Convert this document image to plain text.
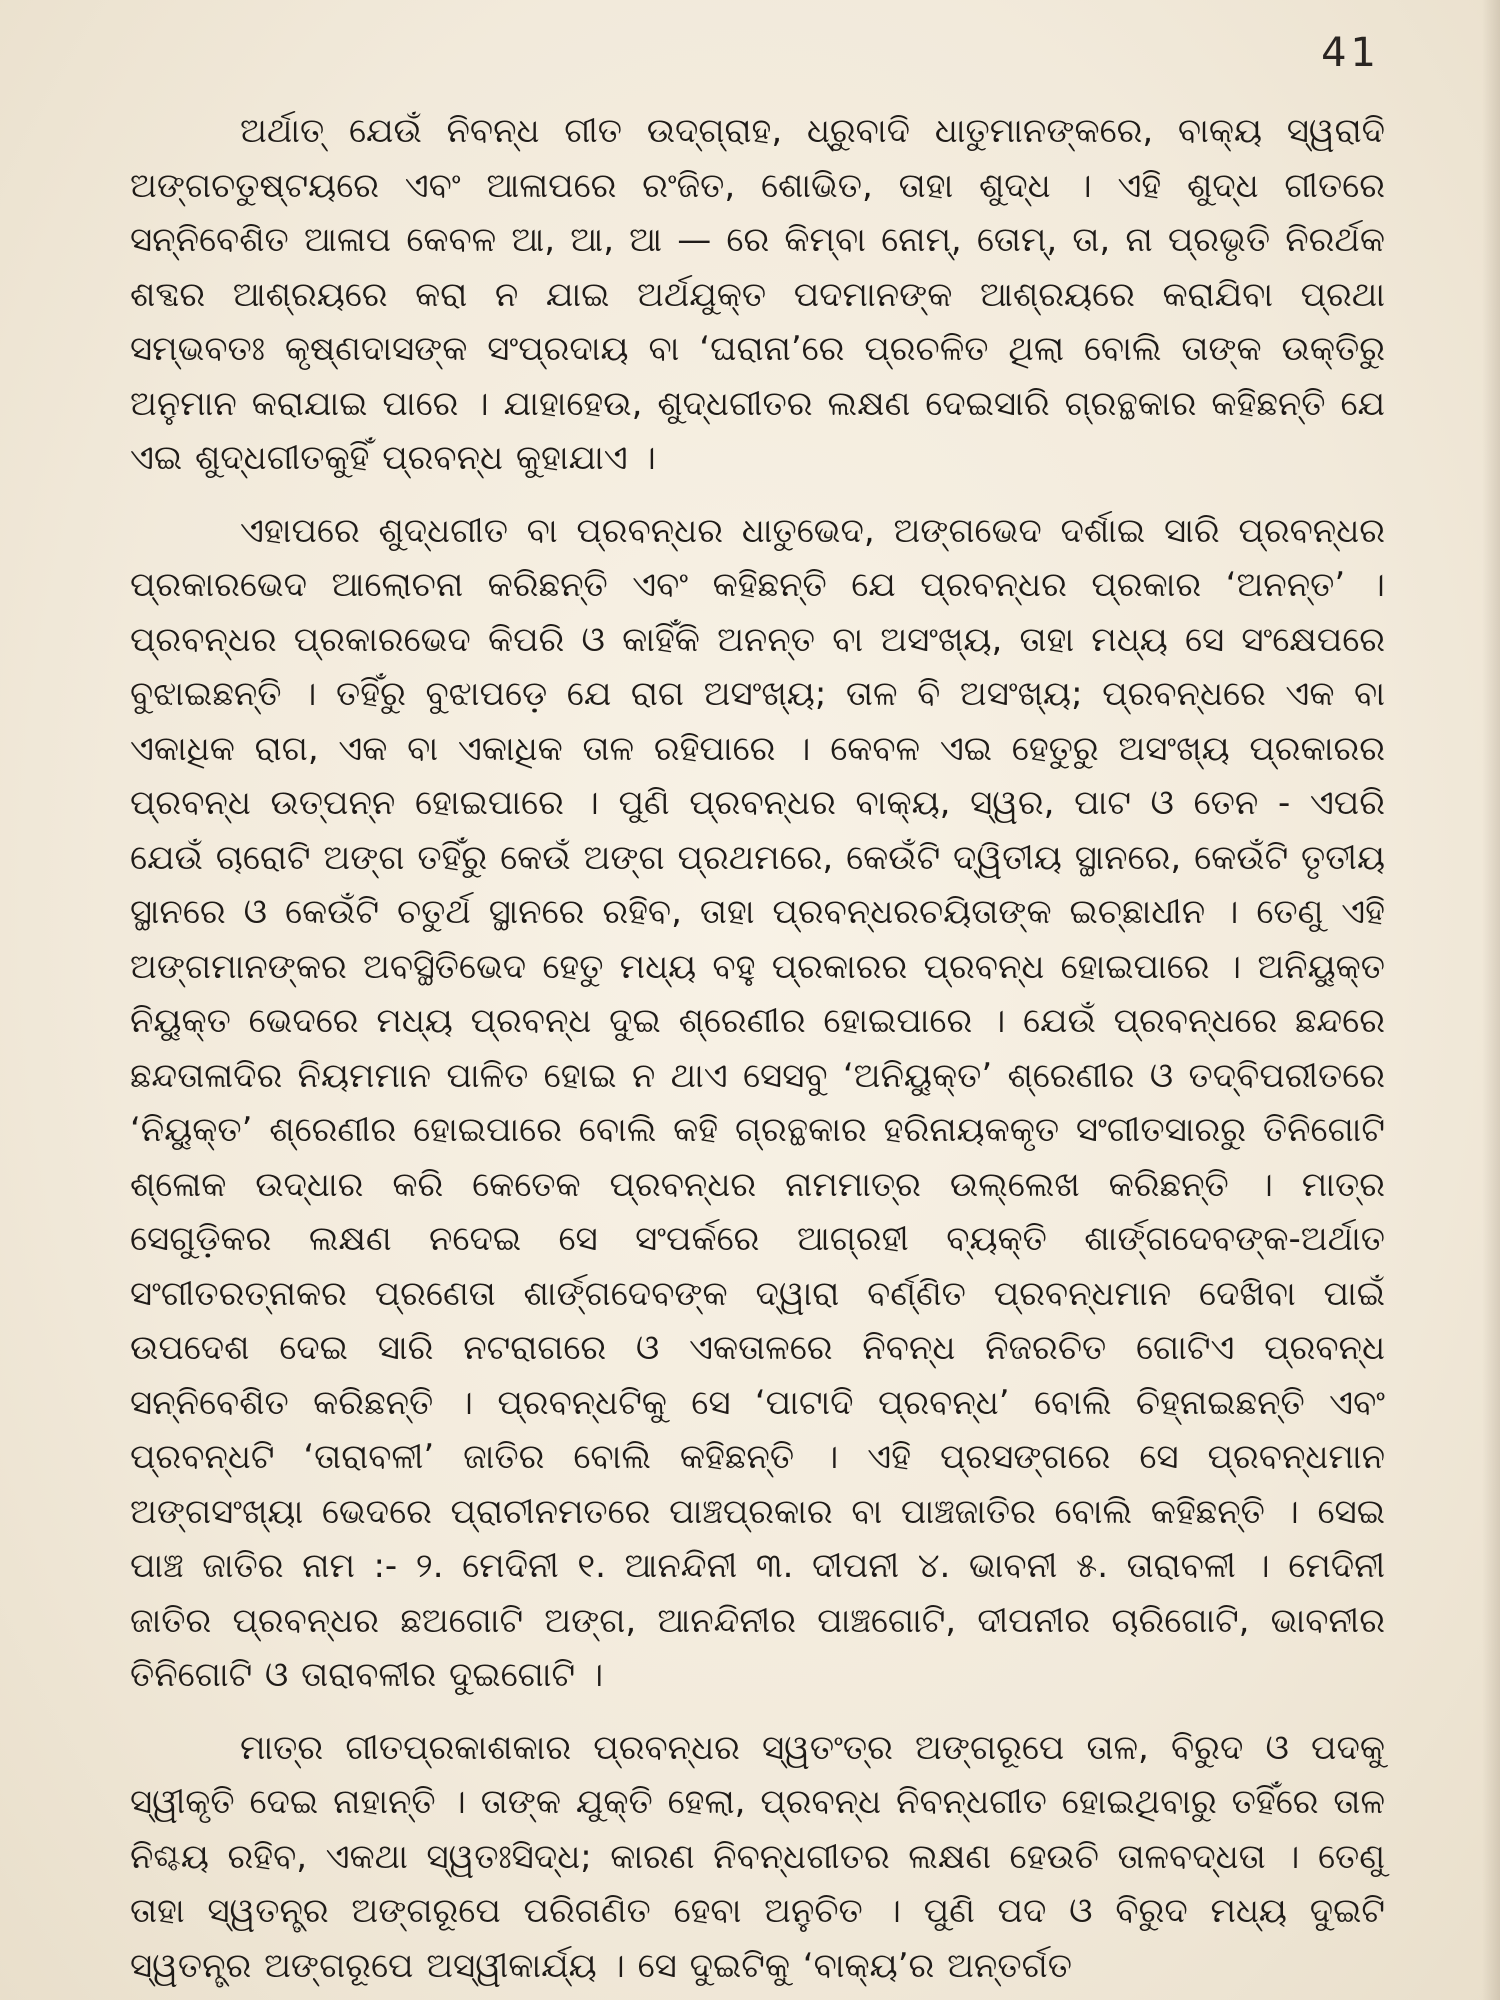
41

ଅର୍ଥାତ୍ ଯେଉଁ ନିବନ୍ଧ ଗୀତ ଉଦ୍‌ଗ୍ରାହ, ଧ୍ରୁବାଦି ଧାତୁମାନଙ୍କରେ, ବାକ୍ୟ ସ୍ୱରାଦି ଅଙ୍ଗଚତୁଷ୍ଟୟରେ ଏବଂ ଆଳାପରେ ରଂଜିତ, ଶୋଭିତ, ତାହା ଶୁଦ୍ଧ । ଏହି ଶୁଦ୍ଧ ଗୀତରେ ସନ୍ନିବେଶିତ ଆଳାପ କେବଳ ଆ, ଆ, ଆ — ରେ କିମ୍ବା ନୋମ୍, ତୋମ୍, ତା, ନା ପ୍ରଭୃତି ନିରର୍ଥକ ଶବ୍ଦର ଆଶ୍ରୟରେ କରା ନ ଯାଇ ଅର୍ଥଯୁକ୍ତ ପଦମାନଙ୍କ ଆଶ୍ରୟରେ କରାଯିବା ପ୍ରଥା ସମ୍ଭବତଃ କୃଷ୍ଣଦାସଙ୍କ ସଂପ୍ରଦାୟ ବା ‘ଘରାନା’ରେ ପ୍ରଚଳିତ ଥିଲା ବୋଲି ତାଙ୍କ ଉକ୍ତିରୁ ଅନୁମାନ କରାଯାଇ ପାରେ । ଯାହାହେଉ, ଶୁଦ୍ଧଗୀତର ଲକ୍ଷଣ ଦେଇସାରି ଗ୍ରନ୍ଥକାର କହିଛନ୍ତି ଯେ ଏଇ ଶୁଦ୍ଧଗୀତକୁହିଁ ପ୍ରବନ୍ଧ କୁହାଯାଏ ।

ଏହାପରେ ଶୁଦ୍ଧଗୀତ ବା ପ୍ରବନ୍ଧର ଧାତୁଭେଦ, ଅଙ୍ଗଭେଦ ଦର୍ଶାଇ ସାରି ପ୍ରବନ୍ଧର ପ୍ରକାରଭେଦ ଆଲୋଚନା କରିଛନ୍ତି ଏବଂ କହିଛନ୍ତି ଯେ ପ୍ରବନ୍ଧର ପ୍ରକାର ‘ଅନନ୍ତ’ । ପ୍ରବନ୍ଧର ପ୍ରକାରଭେଦ କିପରି ଓ କାହିଁକି ଅନନ୍ତ ବା ଅସଂଖ୍ୟ, ତାହା ମଧ୍ୟ ସେ ସଂକ୍ଷେପରେ ବୁଝାଇଛନ୍ତି । ତହିଁରୁ ବୁଝାପଡ଼େ ଯେ ରାଗ ଅସଂଖ୍ୟ; ତାଳ ବି ଅସଂଖ୍ୟ; ପ୍ରବନ୍ଧରେ ଏକ ବା ଏକାଧିକ ରାଗ, ଏକ ବା ଏକାଧିକ ତାଳ ରହିପାରେ । କେବଳ ଏଇ ହେତୁରୁ ଅସଂଖ୍ୟ ପ୍ରକାରର ପ୍ରବନ୍ଧ ଉତ୍ପନ୍ନ ହୋଇପାରେ । ପୁଣି ପ୍ରବନ୍ଧର ବାକ୍ୟ, ସ୍ୱର, ପାଟ ଓ ତେନ - ଏପରି ଯେଉଁ ଚାରୋଟି ଅଙ୍ଗ ତହିଁରୁ କେଉଁ ଅଙ୍ଗ ପ୍ରଥମରେ, କେଉଁଟି ଦ୍ୱିତୀୟ ସ୍ଥାନରେ, କେଉଁଟି ତୃତୀୟ ସ୍ଥାନରେ ଓ କେଉଁଟି ଚତୁର୍ଥ ସ୍ଥାନରେ ରହିବ, ତାହା ପ୍ରବନ୍ଧରଚୟିତାଙ୍କ ଇଚ୍ଛାଧୀନ । ତେଣୁ ଏହି ଅଙ୍ଗମାନଙ୍କର ଅବସ୍ଥିତିଭେଦ ହେତୁ ମଧ୍ୟ ବହୁ ପ୍ରକାରର ପ୍ରବନ୍ଧ ହୋଇପାରେ । ଅନିୟୁକ୍ତ ନିୟୁକ୍ତ ଭେଦରେ ମଧ୍ୟ ପ୍ରବନ୍ଧ ଦୁଇ ଶ୍ରେଣୀର ହୋଇପାରେ । ଯେଉଁ ପ୍ରବନ୍ଧରେ ଛନ୍ଦରେ ଛନ୍ଦତାଳାଦିର ନିୟମମାନ ପାଳିତ ହୋଇ ନ ଥାଏ ସେସବୁ ‘ଅନିୟୁକ୍ତ’ ଶ୍ରେଣୀର ଓ ତଦ୍‌ବିପରୀତରେ ‘ନିୟୁକ୍ତ’ ଶ୍ରେଣୀର ହୋଇପାରେ ବୋଲି କହି ଗ୍ରନ୍ଥକାର ହରିନାୟକକୃତ ସଂଗୀତସାରରୁ ତିନିଗୋଟି ଶ୍ଳୋକ ଉଦ୍ଧାର କରି କେତେକ ପ୍ରବନ୍ଧର ନାମମାତ୍ର ଉଲ୍ଲେଖ କରିଛନ୍ତି । ମାତ୍ର ସେଗୁଡ଼ିକର ଲକ୍ଷଣ ନଦେଇ ସେ ସଂପର୍କରେ ଆଗ୍ରହୀ ବ୍ୟକ୍ତି ଶାର୍ଙ୍ଗଦେବଙ୍କ-ଅର୍ଥାତ ସଂଗୀତରତ୍ନାକର ପ୍ରଣେତା ଶାର୍ଙ୍ଗଦେବଙ୍କ ଦ୍ୱାରା ବର୍ଣ୍ଣିତ ପ୍ରବନ୍ଧମାନ ଦେଖିବା ପାଇଁ ଉପଦେଶ ଦେଇ ସାରି ନଟରାଗରେ ଓ ଏକତାଳରେ ନିବନ୍ଧ ନିଜରଚିତ ଗୋଟିଏ ପ୍ରବନ୍ଧ ସନ୍ନିବେଶିତ କରିଛନ୍ତି । ପ୍ରବନ୍ଧଟିକୁ ସେ ‘ପାଟାଦି ପ୍ରବନ୍ଧ’ ବୋଲି ଚିହ୍ନାଇଛନ୍ତି ଏବଂ ପ୍ରବନ୍ଧଟି ‘ତାରାବଳୀ’ ଜାତିର ବୋଲି କହିଛନ୍ତି । ଏହି ପ୍ରସଙ୍ଗରେ ସେ ପ୍ରବନ୍ଧମାନ ଅଙ୍ଗସଂଖ୍ୟା ଭେଦରେ ପ୍ରାଚୀନମତରେ ପାଞ୍ଚପ୍ରକାର ବା ପାଞ୍ଚଜାତିର ବୋଲି କହିଛନ୍ତି । ସେଇ ପାଞ୍ଚ ଜାତିର ନାମ :- ୨. ମେଦିନୀ ୧. ଆନନ୍ଦିନୀ ୩. ଦୀପନୀ ୪. ଭାବନୀ ୫. ତାରାବଳୀ । ମେଦିନୀ ଜାତିର ପ୍ରବନ୍ଧର ଛଅଗୋଟି ଅଙ୍ଗ, ଆନନ୍ଦିନୀର ପାଞ୍ଚଗୋଟି, ଦୀପନୀର ଚାରିଗୋଟି, ଭାବନୀର ତିନିଗୋଟି ଓ ତାରାବଳୀର ଦୁଇଗୋଟି ।

ମାତ୍ର ଗୀତପ୍ରକାଶକାର ପ୍ରବନ୍ଧର ସ୍ୱତଂତ୍ର ଅଙ୍ଗରୂପେ ତାଳ, ବିରୁଦ ଓ ପଦକୁ ସ୍ୱୀକୃତି ଦେଇ ନାହାନ୍ତି । ତାଙ୍କ ଯୁକ୍ତି ହେଲା, ପ୍ରବନ୍ଧ ନିବନ୍ଧଗୀତ ହୋଇଥିବାରୁ ତହିଁରେ ତାଳ ନିଶ୍ଚୟ ରହିବ, ଏକଥା ସ୍ୱତଃସିଦ୍ଧ; କାରଣ ନିବନ୍ଧଗୀତର ଲକ୍ଷଣ ହେଉଚି ତାଳବଦ୍ଧତା । ତେଣୁ ତାହା ସ୍ୱତନ୍ତ୍ର ଅଙ୍ଗରୂପେ ପରିଗଣିତ ହେବା ଅନୁଚିତ । ପୁଣି ପଦ ଓ ବିରୁଦ ମଧ୍ୟ ଦୁଇଟି ସ୍ୱତନ୍ତ୍ର ଅଙ୍ଗରୂପେ ଅସ୍ୱୀକାର୍ଯ୍ୟ । ସେ ଦୁଇଟିକୁ ‘ବାକ୍ୟ’ର ଅନ୍ତର୍ଗତ
